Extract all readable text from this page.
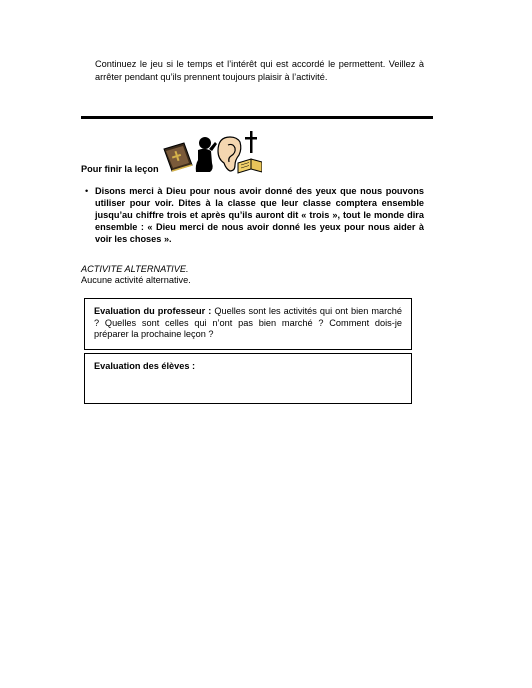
Continuez le jeu si le temps et l’intérêt qui est accordé le permettent. Veillez à arrêter pendant qu’ils prennent toujours plaisir à l’activité.

Pour finir la leçon
• Disons merci à Dieu pour nous avoir donné des yeux que nous pouvons utiliser pour voir. Dites à la classe que leur classe comptera ensemble jusqu’au chiffre trois et après qu’ils auront dit « trois », tout le monde dira ensemble : « Dieu merci de nous avoir donné les yeux pour nous aider à voir les choses ».
ACTIVITE ALTERNATIVE.
Aucune activité alternative.
Evaluation du professeur : Quelles sont les activités qui ont bien marché ? Quelles sont celles qui n’ont pas bien marché ? Comment dois-je préparer la prochaine leçon ?
Evaluation des élèves :
